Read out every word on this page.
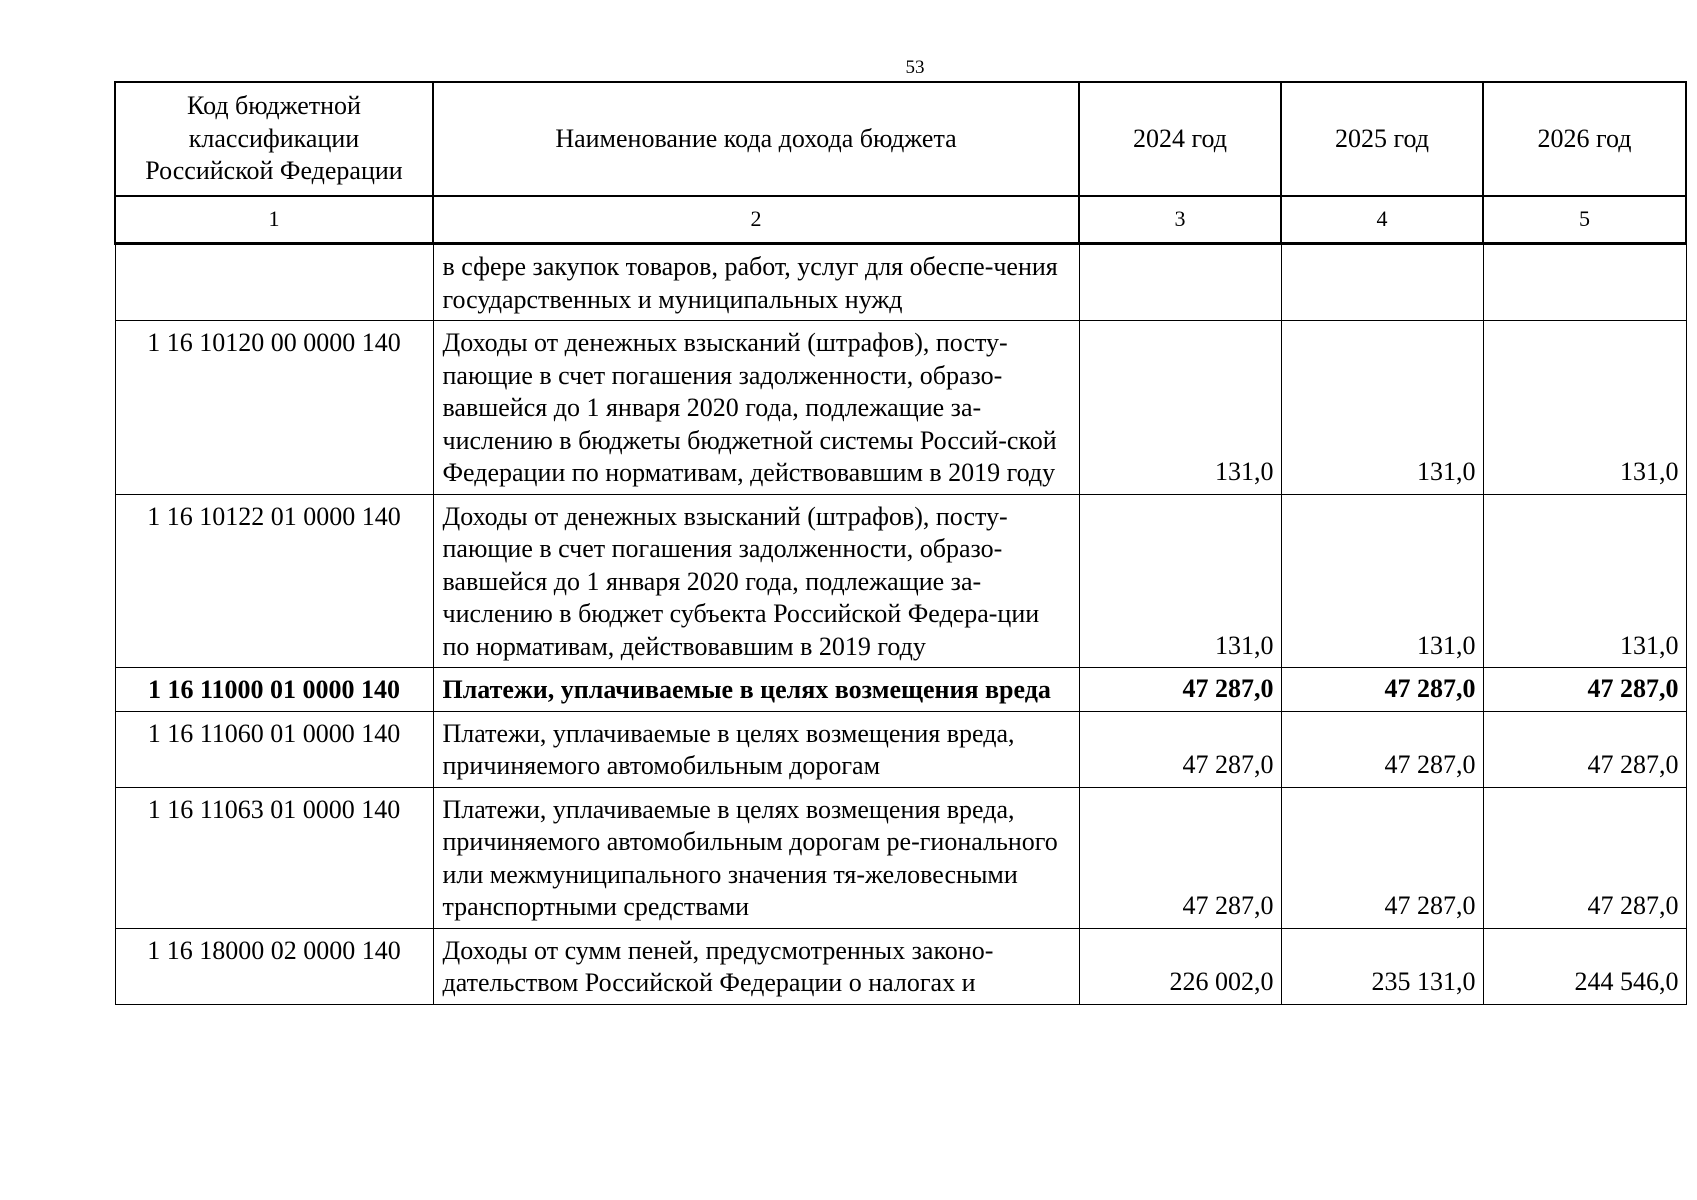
53
Код бюджетной классификации Российской Федерации	Наименование кода дохода бюджета	2024 год	2025 год	2026 год
1	2	3	4	5
	в сфере закупок товаров, работ, услуг для обеспе-чения государственных и муниципальных нужд			
1 16 10120 00 0000 140	Доходы от денежных взысканий (штрафов), посту-пающие в счет погашения задолженности, образо-вавшейся до 1 января 2020 года, подлежащие за-числению в бюджеты бюджетной системы Россий-ской Федерации по нормативам, действовавшим в 2019 году	131,0	131,0	131,0
1 16 10122 01 0000 140	Доходы от денежных взысканий (штрафов), посту-пающие в счет погашения задолженности, образо-вавшейся до 1 января 2020 года, подлежащие за-числению в бюджет субъекта Российской Федера-ции по нормативам, действовавшим в 2019 году	131,0	131,0	131,0
1 16 11000 01 0000 140	Платежи, уплачиваемые в целях возмещения вреда	47 287,0	47 287,0	47 287,0
1 16 11060 01 0000 140	Платежи, уплачиваемые в целях возмещения вреда, причиняемого автомобильным дорогам	47 287,0	47 287,0	47 287,0
1 16 11063 01 0000 140	Платежи, уплачиваемые в целях возмещения вреда, причиняемого автомобильным дорогам ре-гионального или межмуниципального значения тя-желовесными транспортными средствами	47 287,0	47 287,0	47 287,0
1 16 18000 02 0000 140	Доходы от сумм пеней, предусмотренных законо-дательством Российской Федерации о налогах и	226 002,0	235 131,0	244 546,0
